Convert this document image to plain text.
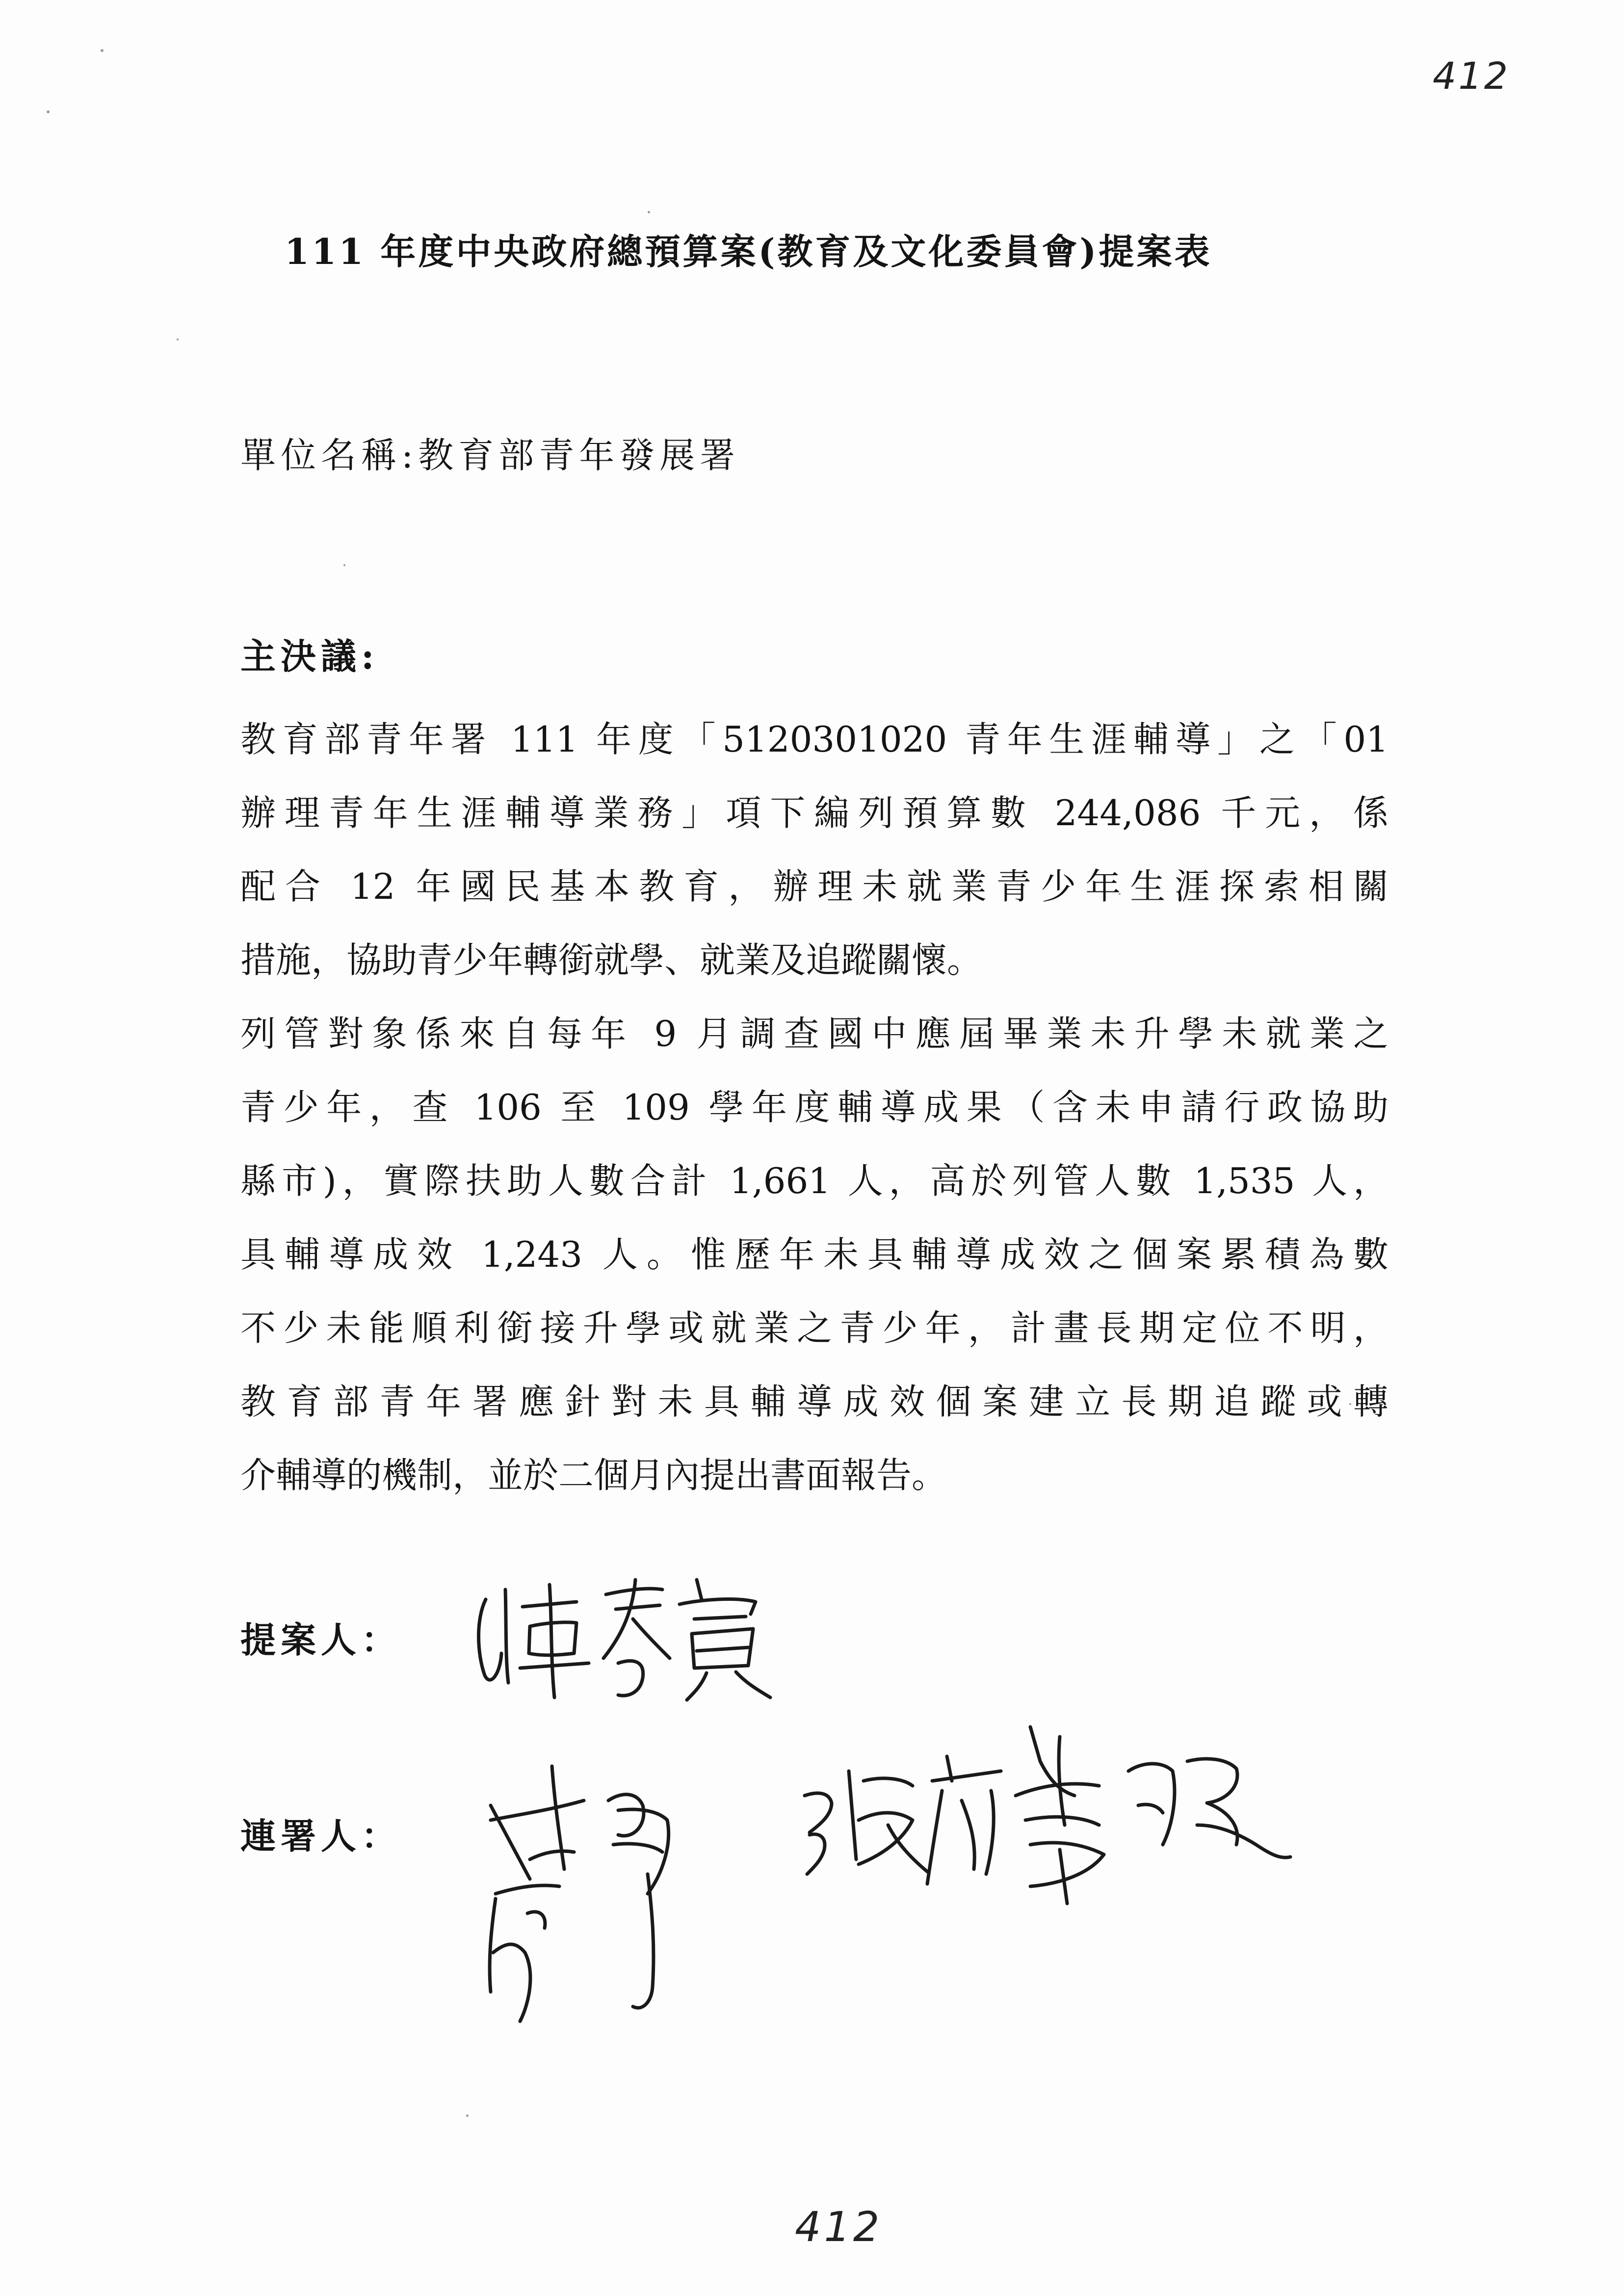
412
111 年度中央政府總預算案(教育及文化委員會)提案表
單位名稱:教育部青年發展署
主決議:
教育部青年署 111 年度「5120301020 青年生涯輔導」之「01
辦理青年生涯輔導業務」項下編列預算數 244,086 千元，係
配合 12 年國民基本教育，辦理未就業青少年生涯探索相關
措施，協助青少年轉銜就學、就業及追蹤關懷。
列管對象係來自每年 9 月調查國中應屆畢業未升學未就業之
青少年，查 106 至 109 學年度輔導成果（含未申請行政協助
縣市)，實際扶助人數合計 1,661 人，高於列管人數 1,535 人，
具輔導成效 1,243 人。惟歷年未具輔導成效之個案累積為數
不少未能順利銜接升學或就業之青少年，計畫長期定位不明，
教育部青年署應針對未具輔導成效個案建立長期追蹤或轉
介輔導的機制，並於二個月內提出書面報告。
提案人：
連署人：
412
